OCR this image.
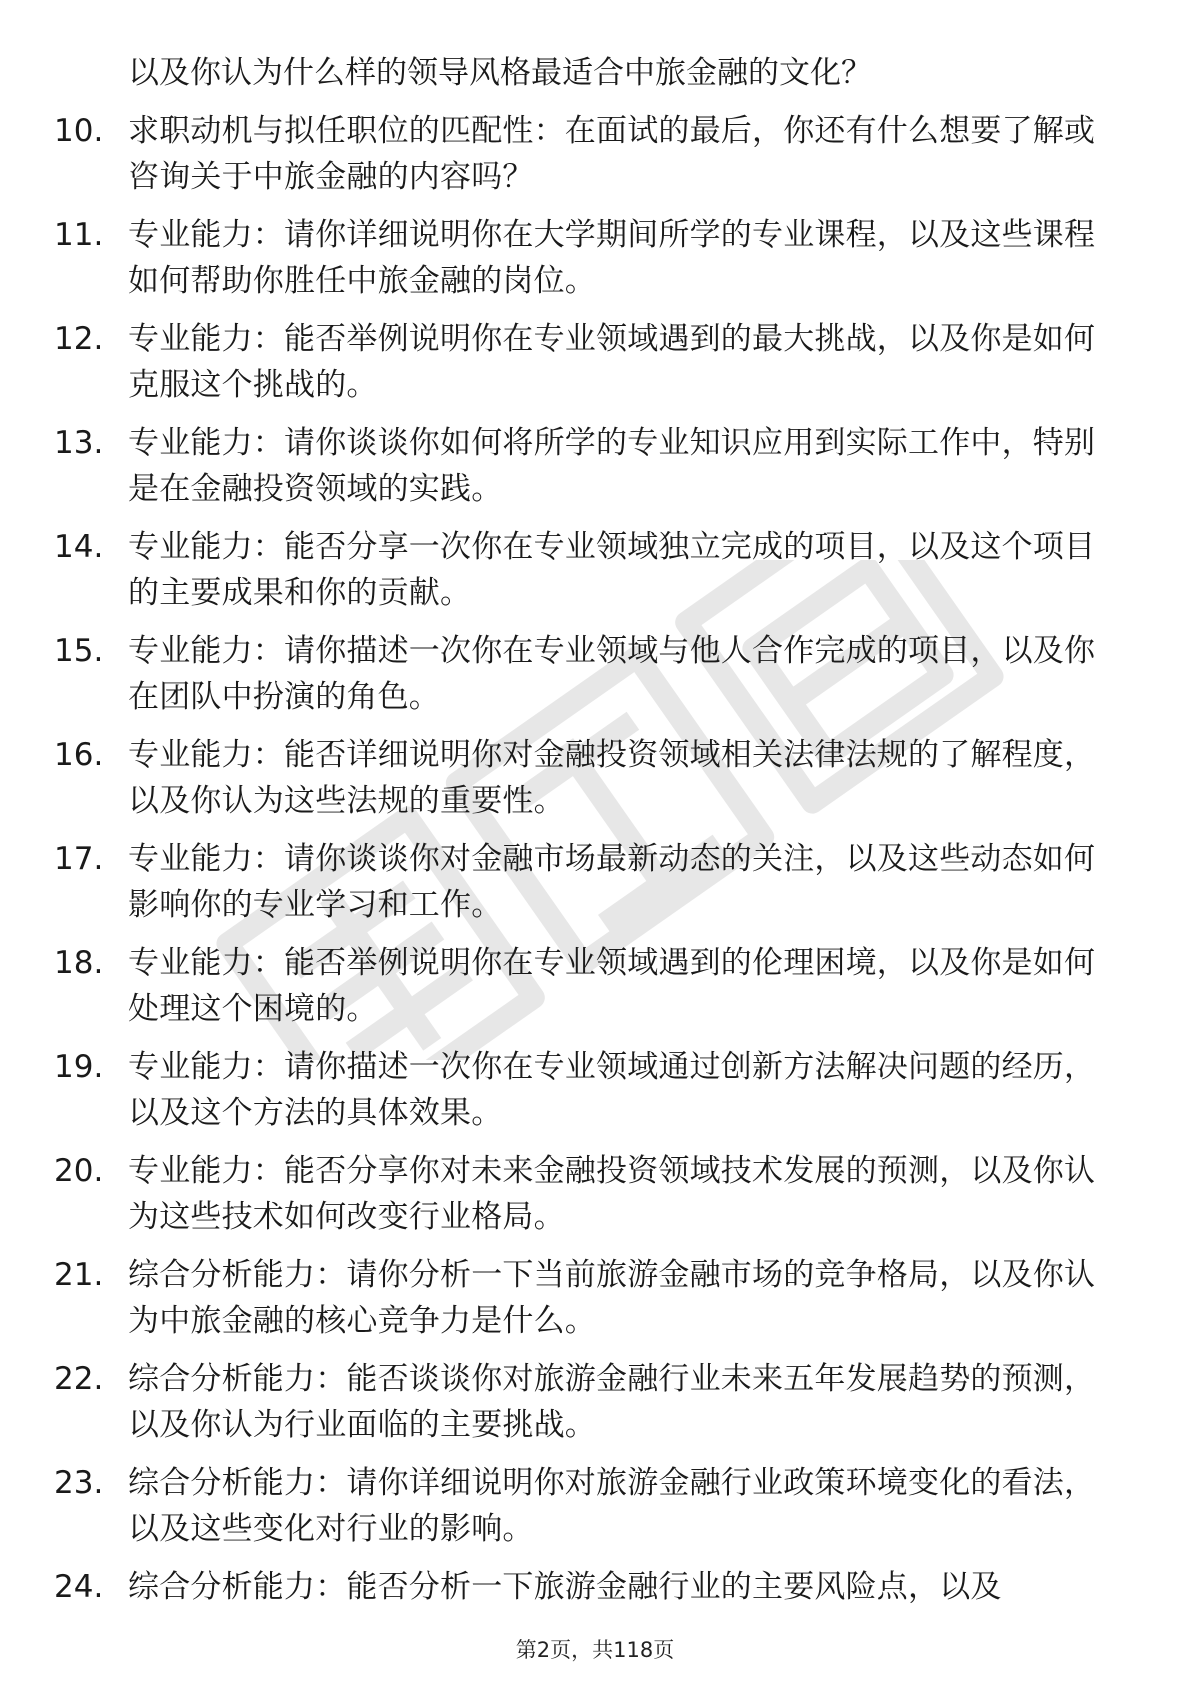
以及你认为什么样的领导风格最适合中旅金融的文化？
10. 求职动机与拟任职位的匹配性：在面试的最后，你还有什么想要了解或咨询关于中旅金融的内容吗？
11. 专业能力：请你详细说明你在大学期间所学的专业课程，以及这些课程如何帮助你胜任中旅金融的岗位。
12. 专业能力：能否举例说明你在专业领域遇到的最大挑战，以及你是如何克服这个挑战的。
13. 专业能力：请你谈谈你如何将所学的专业知识应用到实际工作中，特别是在金融投资领域的实践。
14. 专业能力：能否分享一次你在专业领域独立完成的项目，以及这个项目的主要成果和你的贡献。
15. 专业能力：请你描述一次你在专业领域与他人合作完成的项目，以及你在团队中扮演的角色。
16. 专业能力：能否详细说明你对金融投资领域相关法律法规的了解程度，以及你认为这些法规的重要性。
17. 专业能力：请你谈谈你对金融市场最新动态的关注，以及这些动态如何影响你的专业学习和工作。
18. 专业能力：能否举例说明你在专业领域遇到的伦理困境，以及你是如何处理这个困境的。
19. 专业能力：请你描述一次你在专业领域通过创新方法解决问题的经历，以及这个方法的具体效果。
20. 专业能力：能否分享你对未来金融投资领域技术发展的预测，以及你认为这些技术如何改变行业格局。
21. 综合分析能力：请你分析一下当前旅游金融市场的竞争格局，以及你认为中旅金融的核心竞争力是什么。
22. 综合分析能力：能否谈谈你对旅游金融行业未来五年发展趋势的预测，以及你认为行业面临的主要挑战。
23. 综合分析能力：请你详细说明你对旅游金融行业政策环境变化的看法，以及这些变化对行业的影响。
24. 综合分析能力：能否分析一下旅游金融行业的主要风险点，以及
第2页，共118页
